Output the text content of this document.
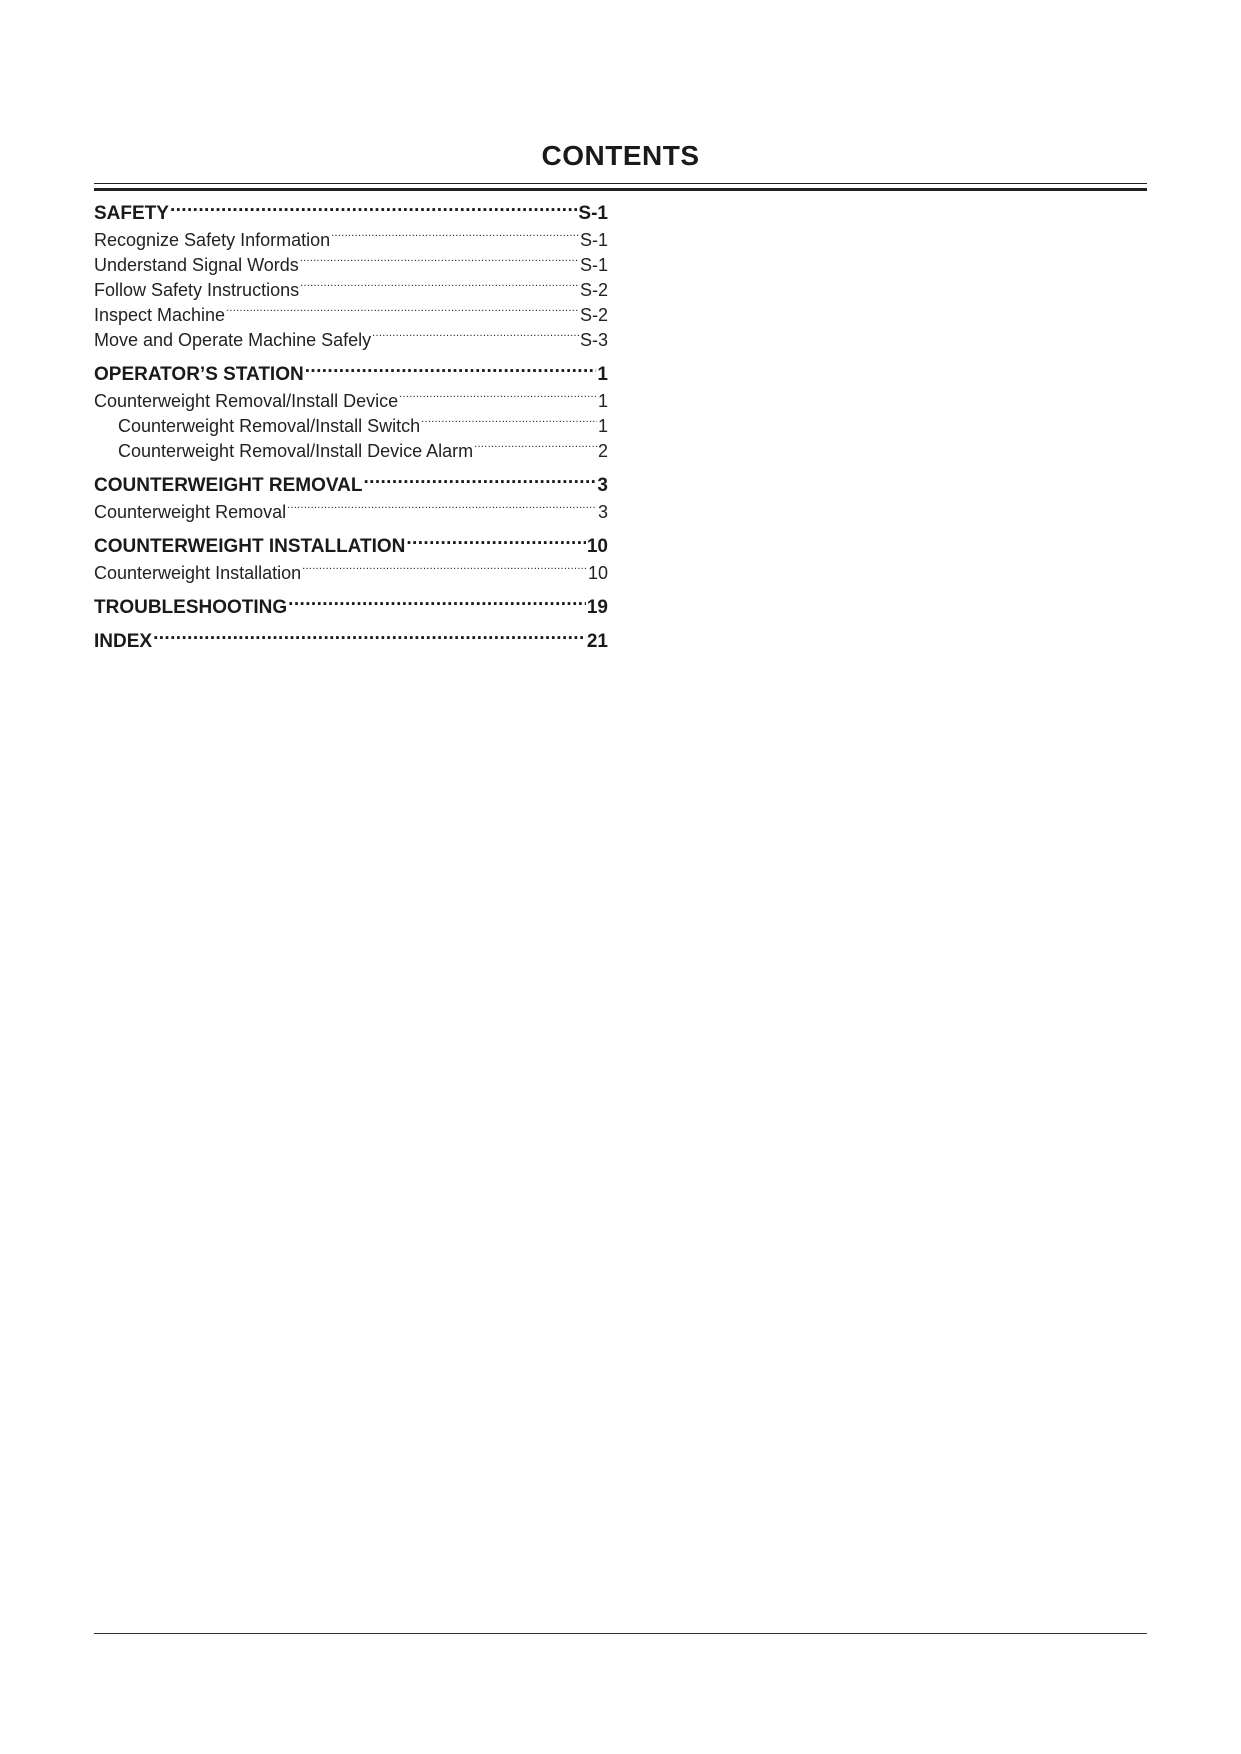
CONTENTS
SAFETY .....	S-1
Recognize Safety Information .....	S-1
Understand Signal Words .....	S-1
Follow Safety Instructions .....	S-2
Inspect Machine .....	S-2
Move and Operate Machine Safely .....	S-3
OPERATOR’S STATION .....	1
Counterweight Removal/Install Device .....	1
Counterweight Removal/Install Switch .....	1
Counterweight Removal/Install Device Alarm .....	2
COUNTERWEIGHT REMOVAL .....	3
Counterweight Removal .....	3
COUNTERWEIGHT INSTALLATION .....	10
Counterweight Installation .....	10
TROUBLESHOOTING .....	19
INDEX .....	21
